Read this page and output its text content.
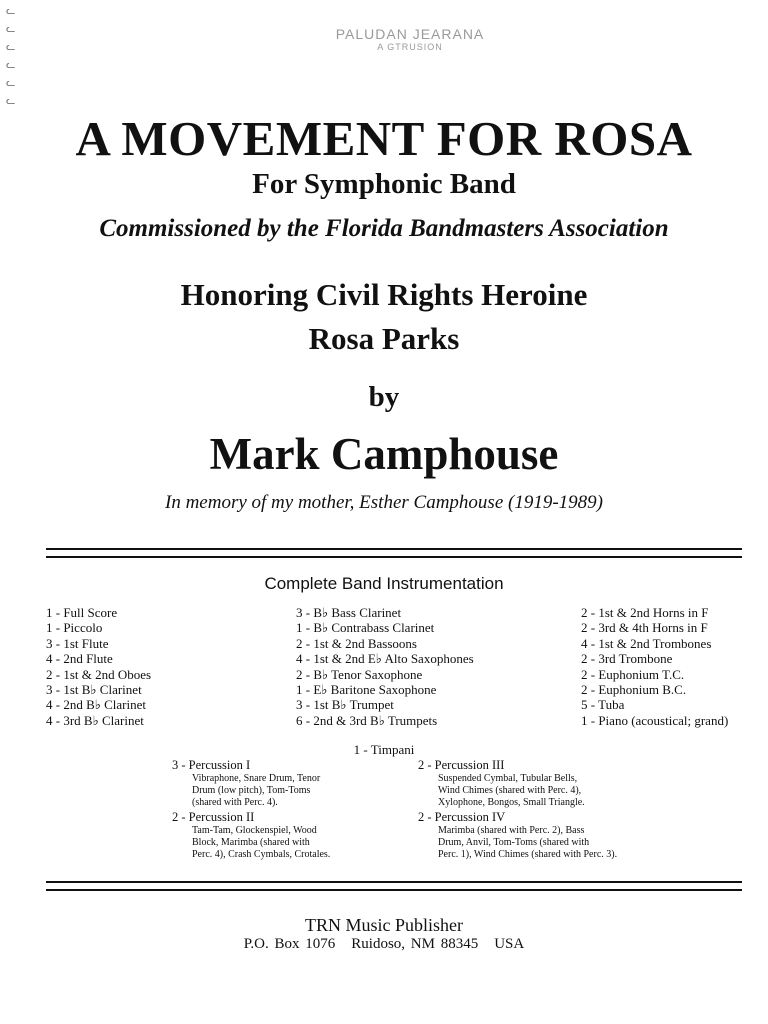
ᓚ
ᓚ
ᓚ
ᓚ
ᓚ
ᓚ
PALUDAN JEARANA
A GTRUSION
A MOVEMENT FOR ROSA
For Symphonic Band
Commissioned by the Florida Bandmasters Association
Honoring Civil Rights Heroine
Rosa Parks
by
Mark Camphouse
In memory of my mother, Esther Camphouse (1919-1989)
Complete Band Instrumentation
1 - Full Score
1 - Piccolo
3 - 1st Flute
4 - 2nd Flute
2 - 1st & 2nd Oboes
3 - 1st B♭ Clarinet
4 - 2nd B♭ Clarinet
4 - 3rd B♭ Clarinet
3 - B♭ Bass Clarinet
1 - B♭ Contrabass Clarinet
2 - 1st & 2nd Bassoons
4 - 1st & 2nd E♭ Alto Saxophones
2 - B♭ Tenor Saxophone
1 - E♭ Baritone Saxophone
3 - 1st B♭ Trumpet
6 - 2nd & 3rd B♭ Trumpets
2 - 1st & 2nd Horns in F
2 - 3rd & 4th Horns in F
4 - 1st & 2nd Trombones
2 - 3rd Trombone
2 - Euphonium T.C.
2 - Euphonium B.C.
5 - Tuba
1 - Piano (acoustical; grand)
1 - Timpani
3 - Percussion I
Vibraphone, Snare Drum, Tenor
Drum (low pitch), Tom-Toms
(shared with Perc. 4).
2 - Percussion II
Tam-Tam, Glockenspiel, Wood
Block, Marimba (shared with
Perc. 4), Crash Cymbals, Crotales.
2 - Percussion III
Suspended Cymbal, Tubular Bells,
Wind Chimes (shared with Perc. 4),
Xylophone, Bongos, Small Triangle.
2 - Percussion IV
Marimba (shared with Perc. 2), Bass
Drum, Anvil, Tom-Toms (shared with
Perc. 1), Wind Chimes (shared with Perc. 3).
TRN Music Publisher
P.O. Box 1076 Ruidoso, NM 88345 USA
